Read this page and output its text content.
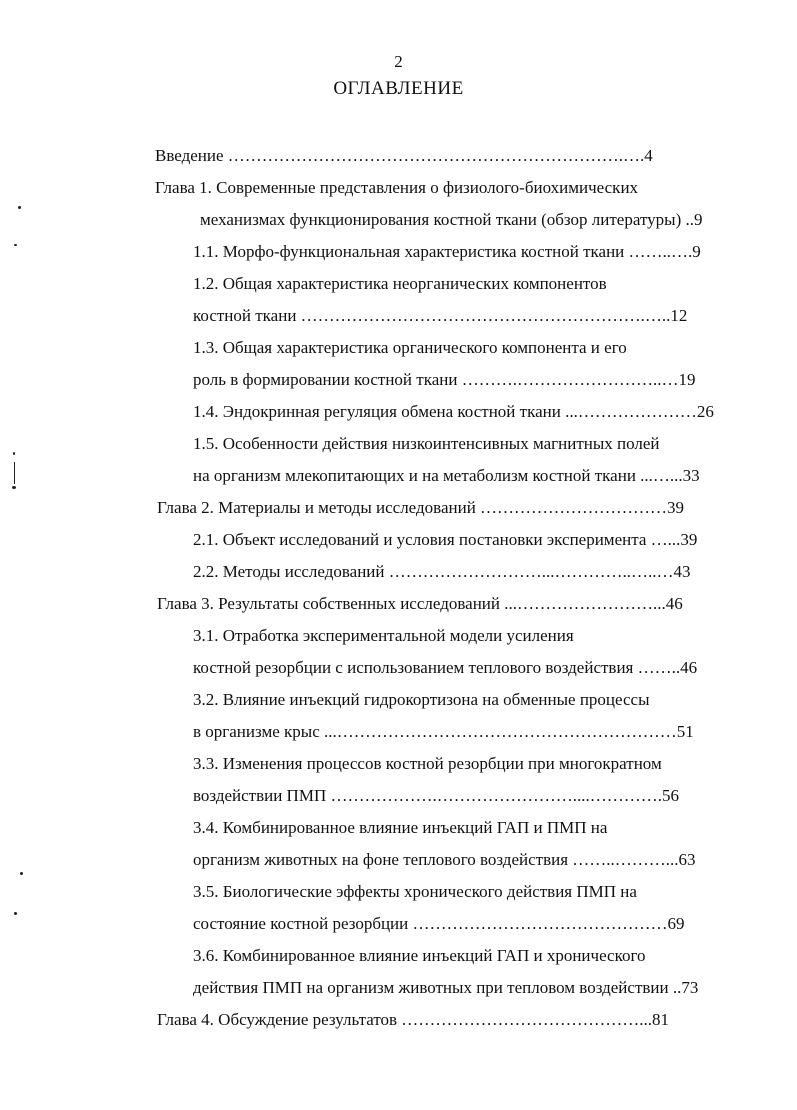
2
ОГЛАВЛЕНИЕ
Введение …………………………………………………………….….4
Глава 1. Современные представления о физиолого-биохимических
механизмах функционирования костной ткани (обзор литературы) ..9
1.1. Морфо-функциональная характеристика костной ткани ……..….9
1.2. Общая характеристика неорганических компонентов
костной ткани …………………………………………………….…..12
1.3. Общая характеристика органического компонента и его
роль в формировании костной ткани ……….……………………..…19
1.4. Эндокринная регуляция обмена костной ткани ...…………………26
1.5. Особенности действия низкоинтенсивных магнитных полей
на организм млекопитающих и на метаболизм костной ткани ...…...33
Глава 2. Материалы и методы исследований ……………………………39
2.1. Объект исследований и условия постановки эксперимента …...39
2.2. Методы исследований ………………………...…………..…..…43
Глава 3. Результаты собственных исследований ...……………………...46
3.1. Отработка экспериментальной модели усиления
костной резорбции с использованием теплового воздействия ……..46
3.2. Влияние инъекций гидрокортизона на обменные процессы
в организме крыс ...……………………………………………………51
3.3. Изменения процессов костной резорбции при многократном
воздействии ПМП ……………….……………………....………….56
3.4. Комбинированное влияние инъекций ГАП и ПМП на
организм животных на фоне теплового воздействия ……..………...63
3.5. Биологические эффекты хронического действия ПМП на
состояние костной резорбции ………………………………………69
3.6. Комбинированное влияние инъекций ГАП и хронического
действия ПМП на организм животных при тепловом воздействии ..73
Глава 4. Обсуждение результатов ……………………………………...81
